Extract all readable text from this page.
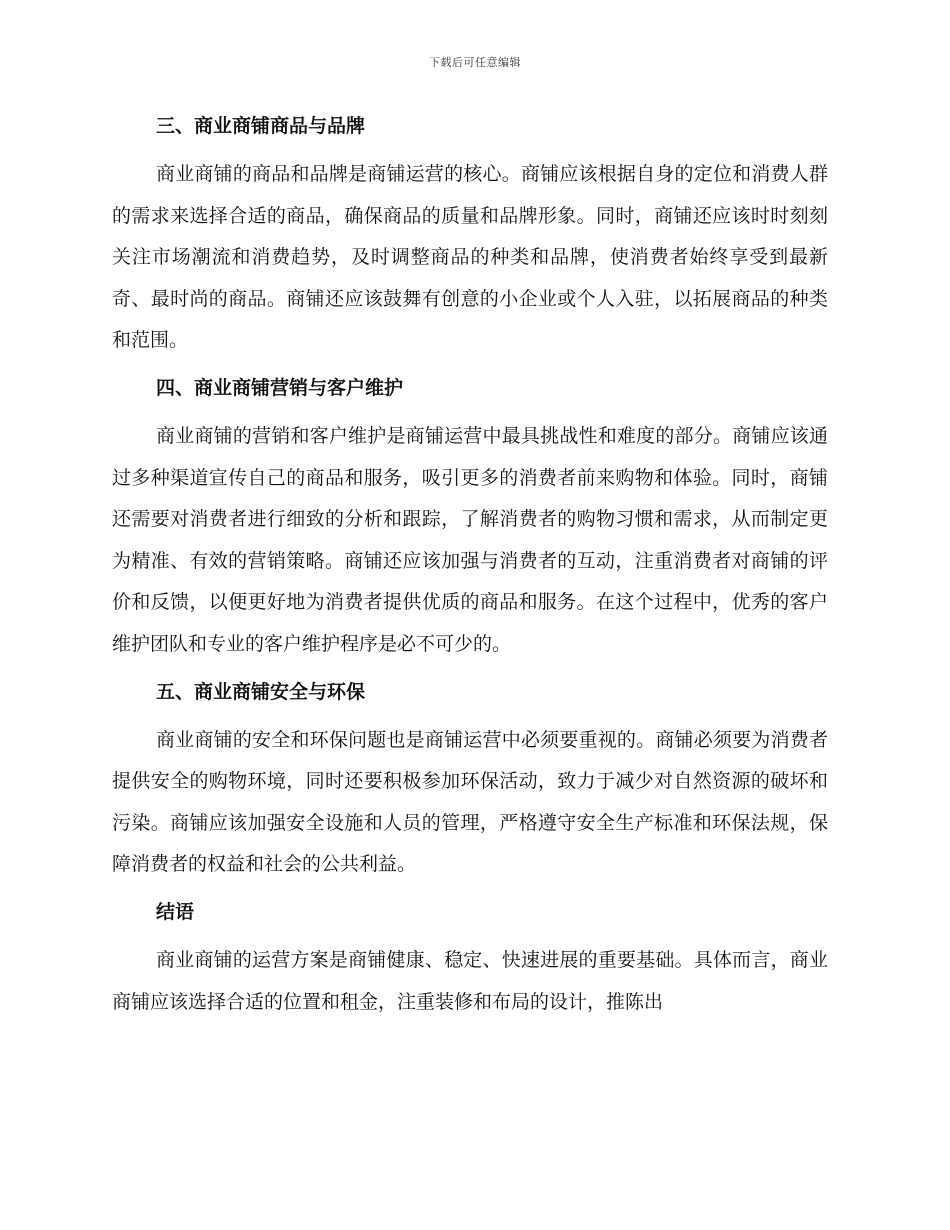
下载后可任意编辑
三、商业商铺商品与品牌
商业商铺的商品和品牌是商铺运营的核心。商铺应该根据自身的定位和消费人群的需求来选择合适的商品，确保商品的质量和品牌形象。同时，商铺还应该时时刻刻关注市场潮流和消费趋势，及时调整商品的种类和品牌，使消费者始终享受到最新奇、最时尚的商品。商铺还应该鼓舞有创意的小企业或个人入驻，以拓展商品的种类和范围。
四、商业商铺营销与客户维护
商业商铺的营销和客户维护是商铺运营中最具挑战性和难度的部分。商铺应该通过多种渠道宣传自己的商品和服务，吸引更多的消费者前来购物和体验。同时，商铺还需要对消费者进行细致的分析和跟踪，了解消费者的购物习惯和需求，从而制定更为精准、有效的营销策略。商铺还应该加强与消费者的互动，注重消费者对商铺的评价和反馈，以便更好地为消费者提供优质的商品和服务。在这个过程中，优秀的客户维护团队和专业的客户维护程序是必不可少的。
五、商业商铺安全与环保
商业商铺的安全和环保问题也是商铺运营中必须要重视的。商铺必须要为消费者提供安全的购物环境，同时还要积极参加环保活动，致力于减少对自然资源的破坏和污染。商铺应该加强安全设施和人员的管理，严格遵守安全生产标准和环保法规，保障消费者的权益和社会的公共利益。
结语
商业商铺的运营方案是商铺健康、稳定、快速进展的重要基础。具体而言，商业商铺应该选择合适的位置和租金，注重装修和布局的设计，推陈出
